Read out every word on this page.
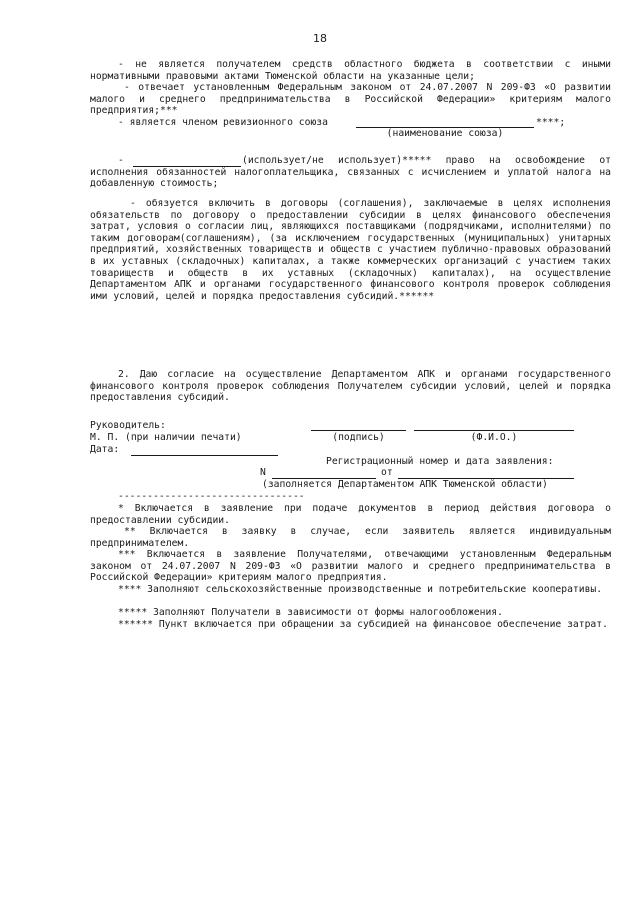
18

- не является получателем средств областного бюджета в соответствии с иными нормативными правовыми актами Тюменской области на указанные цели;

- отвечает установленным Федеральным законом от 24.07.2007 N 209-ФЗ «О развитии малого и среднего предпринимательства в Российской Федерации» критериям малого предприятия;***

- является членом ревизионного союза	****;
(наименование союза)
-	(использует/не использует)***** право на освобождение от исполнения обязанностей налогоплательщика, связанных с исчислением и уплатой налога на добавленную стоимость;

- обязуется включить в договоры (соглашения), заключаемые в целях исполнения обязательств по договору о предоставлении субсидии в целях финансового обеспечения затрат, условия о согласии лиц, являющихся поставщиками (подрядчиками, исполнителями) по таким договорам(соглашениям), (за исключением государственных (муниципальных) унитарных предприятий, хозяйственных товариществ и обществ с участием публично-правовых образований в их уставных (складочных) капиталах, а также коммерческих организаций с участием таких товариществ и обществ в их уставных (складочных) капиталах), на осуществление Департаментом АПК и органами государственного финансового контроля проверок соблюдения ими условий, целей и порядка предоставления субсидий.******

2. Даю согласие на осуществление Департаментом АПК и органами государственного финансового контроля проверок соблюдения Получателем субсидии условий, целей и порядка предоставления субсидий.

Руководитель:
М. П. (при наличии печати)	(подпись)	(Ф.И.О.)
Дата:
Регистрационный номер и дата заявления:
N	от
(заполняется Департаментом АПК Тюменской области)
--------------------------------

* Включается в заявление при подаче документов в период действия договора о предоставлении субсидии.

** Включается в заявку в случае, если заявитель является индивидуальным предпринимателем.

*** Включается в заявление Получателями, отвечающими установленным Федеральным законом от 24.07.2007 N 209-ФЗ «О развитии малого и среднего предпринимательства в Российской Федерации» критериям малого предприятия.

**** Заполняют сельскохозяйственные производственные и потребительские кооперативы.

***** Заполняют Получатели в зависимости от формы налогообложения.

****** Пункт включается при обращении за субсидией на финансовое обеспечение затрат.
